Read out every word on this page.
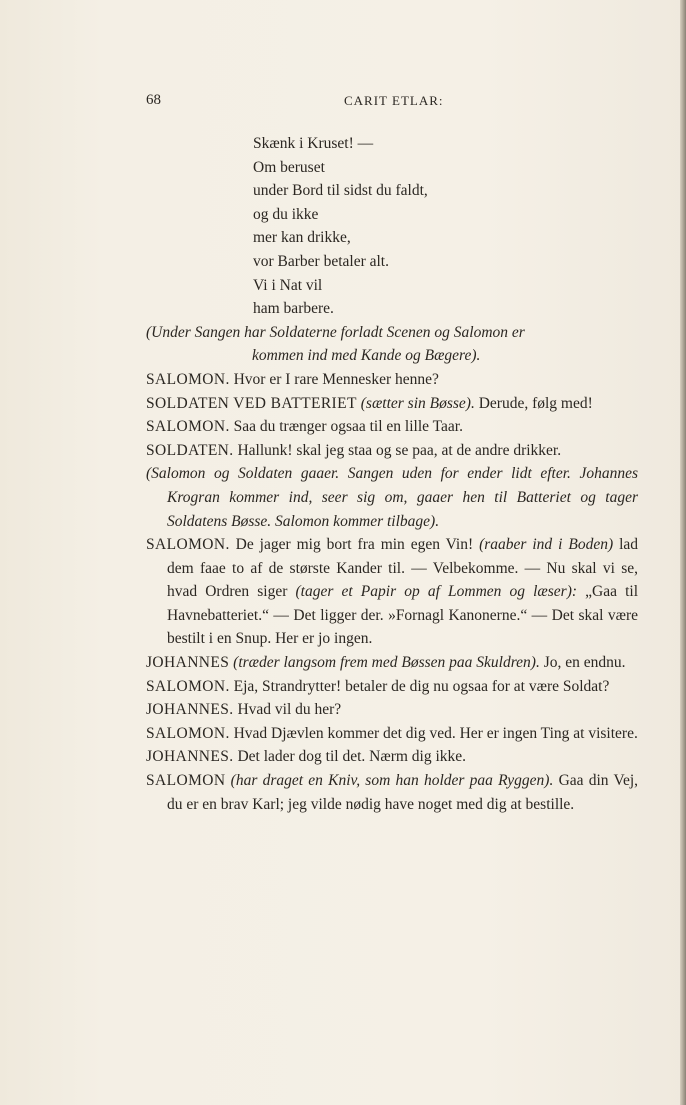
68	CARIT ETLAR:
Skænk i Kruset! —
Om beruset
under Bord til sidst du faldt,
og du ikke
mer kan drikke,
vor Barber betaler alt.
Vi i Nat vil
ham barbere.

(Under Sangen har Soldaterne forladt Scenen og Salomon er
kommen ind med Kande og Bægere).

SALOMON. Hvor er I rare Mennesker henne?

SOLDATEN VED BATTERIET (sætter sin Bøsse). Derude, følg med!

SALOMON. Saa du trænger ogsaa til en lille Taar.

SOLDATEN. Hallunk! skal jeg staa og se paa, at de andre drikker.

(Salomon og Soldaten gaaer. Sangen uden for ender lidt efter. Johannes Krogran kommer ind, seer sig om, gaaer hen til Batteriet og tager Soldatens Bøsse. Salomon kommer tilbage).

SALOMON. De jager mig bort fra min egen Vin! (raaber ind i Boden) lad dem faae to af de største Kander til. — Velbekomme. — Nu skal vi se, hvad Ordren siger (tager et Papir op af Lommen og læser): „Gaa til Havnebatteriet.“ — Det ligger der. »Fornagl Kanonerne.“ — Det skal være bestilt i en Snup. Her er jo ingen.

JOHANNES (træder langsom frem med Bøssen paa Skuldren). Jo, en endnu.

SALOMON. Eja, Strandrytter! betaler de dig nu ogsaa for at være Soldat?

JOHANNES. Hvad vil du her?

SALOMON. Hvad Djævlen kommer det dig ved. Her er ingen Ting at visitere.

JOHANNES. Det lader dog til det. Nærm dig ikke.

SALOMON (har draget en Kniv, som han holder paa Ryggen). Gaa din Vej, du er en brav Karl; jeg vilde nødig have noget med dig at bestille.
